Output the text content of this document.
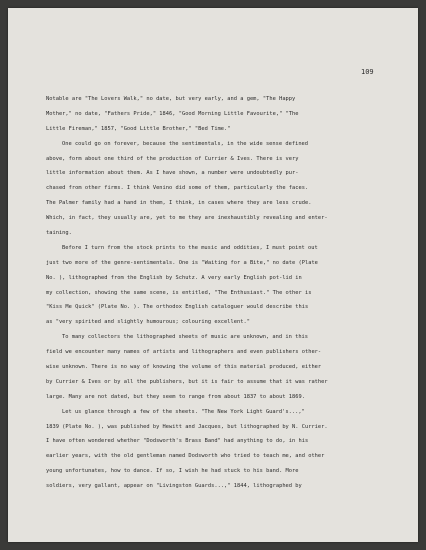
109
Notable are "The Lovers Walk," no date, but very early, and a gem, "The Happy
Mother," no date, "Fathers Pride," 1846, "Good Morning Little Favourite," "The
Little Fireman," 1857, "Good Little Brother," "Bed Time."
One could go on forever, because the sentimentals, in the wide sense defined
above, form about one third of the production of Currier & Ives. There is very
little information about them. As I have shown, a number were undoubtedly pur-
chased from other firms. I think Venino did some of them, particularly the faces.
The Palmer family had a hand in them, I think, in cases where they are less crude.
Which, in fact, they usually are, yet to me they are inexhaustibly revealing and enter-
taining.
Before I turn from the stock prints to the music and oddities, I must point out
just two more of the genre-sentimentals. One is "Waiting for a Bite," no date (Plate
No. ), lithographed from the English by Schutz. A very early English pot-lid in
my collection, showing the same scene, is entitled, "The Enthusiast." The other is
"Kiss Me Quick" (Plate No. ). The orthodox English cataloguer would describe this
as "very spirited and slightly humourous; colouring excellent."
To many collectors the lithographed sheets of music are unknown, and in this
field we encounter many names of artists and lithographers and even publishers other-
wise unknown. There is no way of knowing the volume of this material produced, either
by Currier & Ives or by all the publishers, but it is fair to assume that it was rather
large. Many are not dated, but they seem to range from about 1837 to about 1869.
Let us glance through a few of the sheets. "The New York Light Guard's...,"
1839 (Plate No. ), was published by Hewitt and Jacques, but lithographed by N. Currier.
I have often wondered whether "Dodsworth's Brass Band" had anything to do, in his
earlier years, with the old gentleman named Dodsworth who tried to teach me, and other
young unfortunates, how to dance. If so, I wish he had stuck to his band. More
soldiers, very gallant, appear on "Livingston Guards...," 1844, lithographed by
